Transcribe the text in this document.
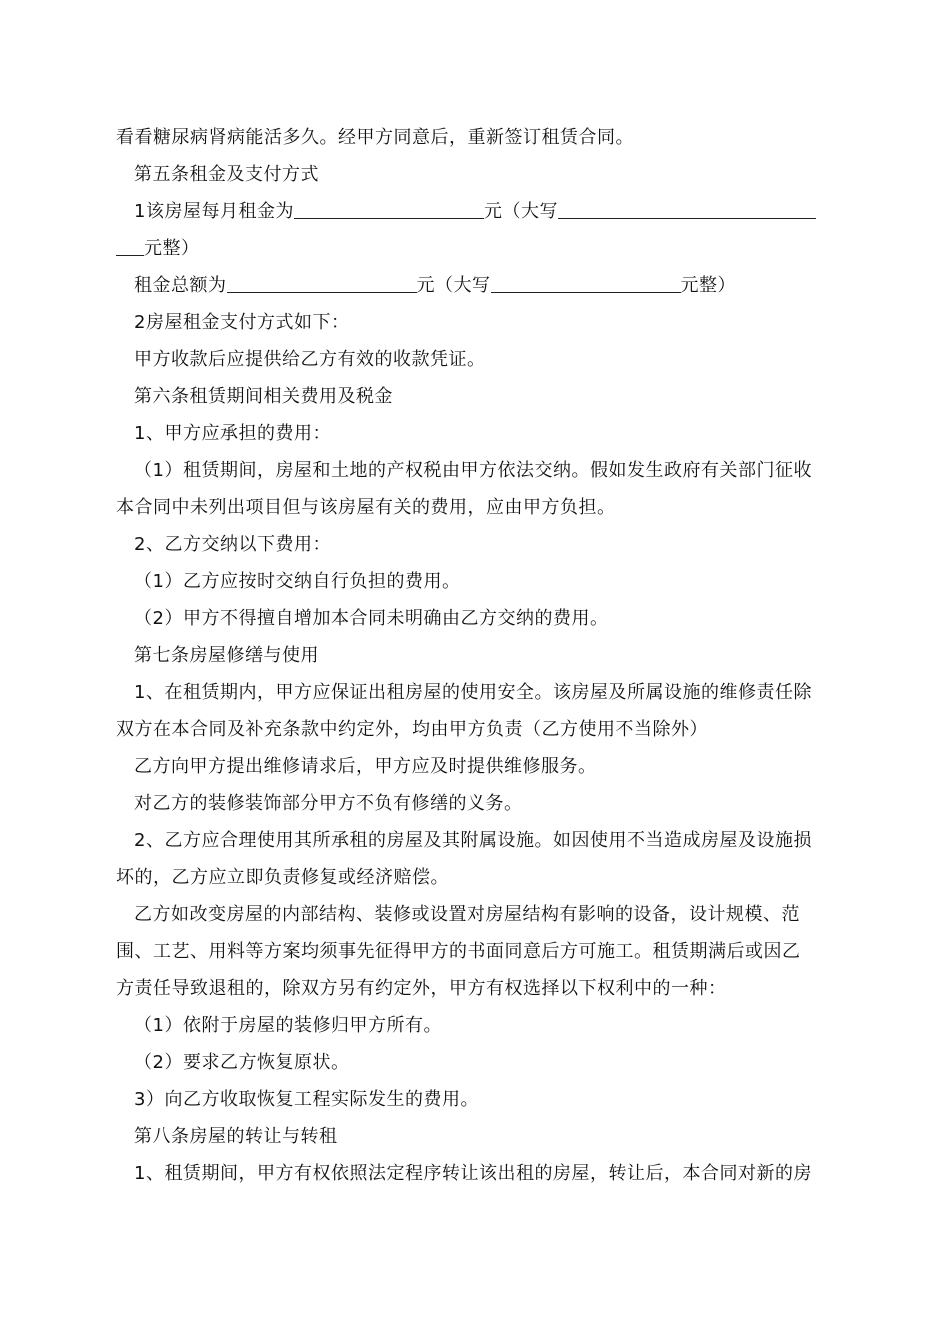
看看糖尿病肾病能活多久。经甲方同意后，重新签订租赁合同。
第五条租金及支付方式
1该房屋每月租金为	元（大写
元整）
租金总额为	元（大写	元整）
2房屋租金支付方式如下：
甲方收款后应提供给乙方有效的收款凭证。
第六条租赁期间相关费用及税金
1、甲方应承担的费用：
（1）租赁期间，房屋和土地的产权税由甲方依法交纳。假如发生政府有关部门征收
本合同中未列出项目但与该房屋有关的费用，应由甲方负担。
2、乙方交纳以下费用：
（1）乙方应按时交纳自行负担的费用。
（2）甲方不得擅自增加本合同未明确由乙方交纳的费用。
第七条房屋修缮与使用
1、在租赁期内，甲方应保证出租房屋的使用安全。该房屋及所属设施的维修责任除
双方在本合同及补充条款中约定外，均由甲方负责（乙方使用不当除外）
乙方向甲方提出维修请求后，甲方应及时提供维修服务。
对乙方的装修装饰部分甲方不负有修缮的义务。
2、乙方应合理使用其所承租的房屋及其附属设施。如因使用不当造成房屋及设施损
坏的，乙方应立即负责修复或经济赔偿。
乙方如改变房屋的内部结构、装修或设置对房屋结构有影响的设备，设计规模、范
围、工艺、用料等方案均须事先征得甲方的书面同意后方可施工。租赁期满后或因乙
方责任导致退租的，除双方另有约定外，甲方有权选择以下权利中的一种：
（1）依附于房屋的装修归甲方所有。
（2）要求乙方恢复原状。
3）向乙方收取恢复工程实际发生的费用。
第八条房屋的转让与转租
1、租赁期间，甲方有权依照法定程序转让该出租的房屋，转让后，本合同对新的房
